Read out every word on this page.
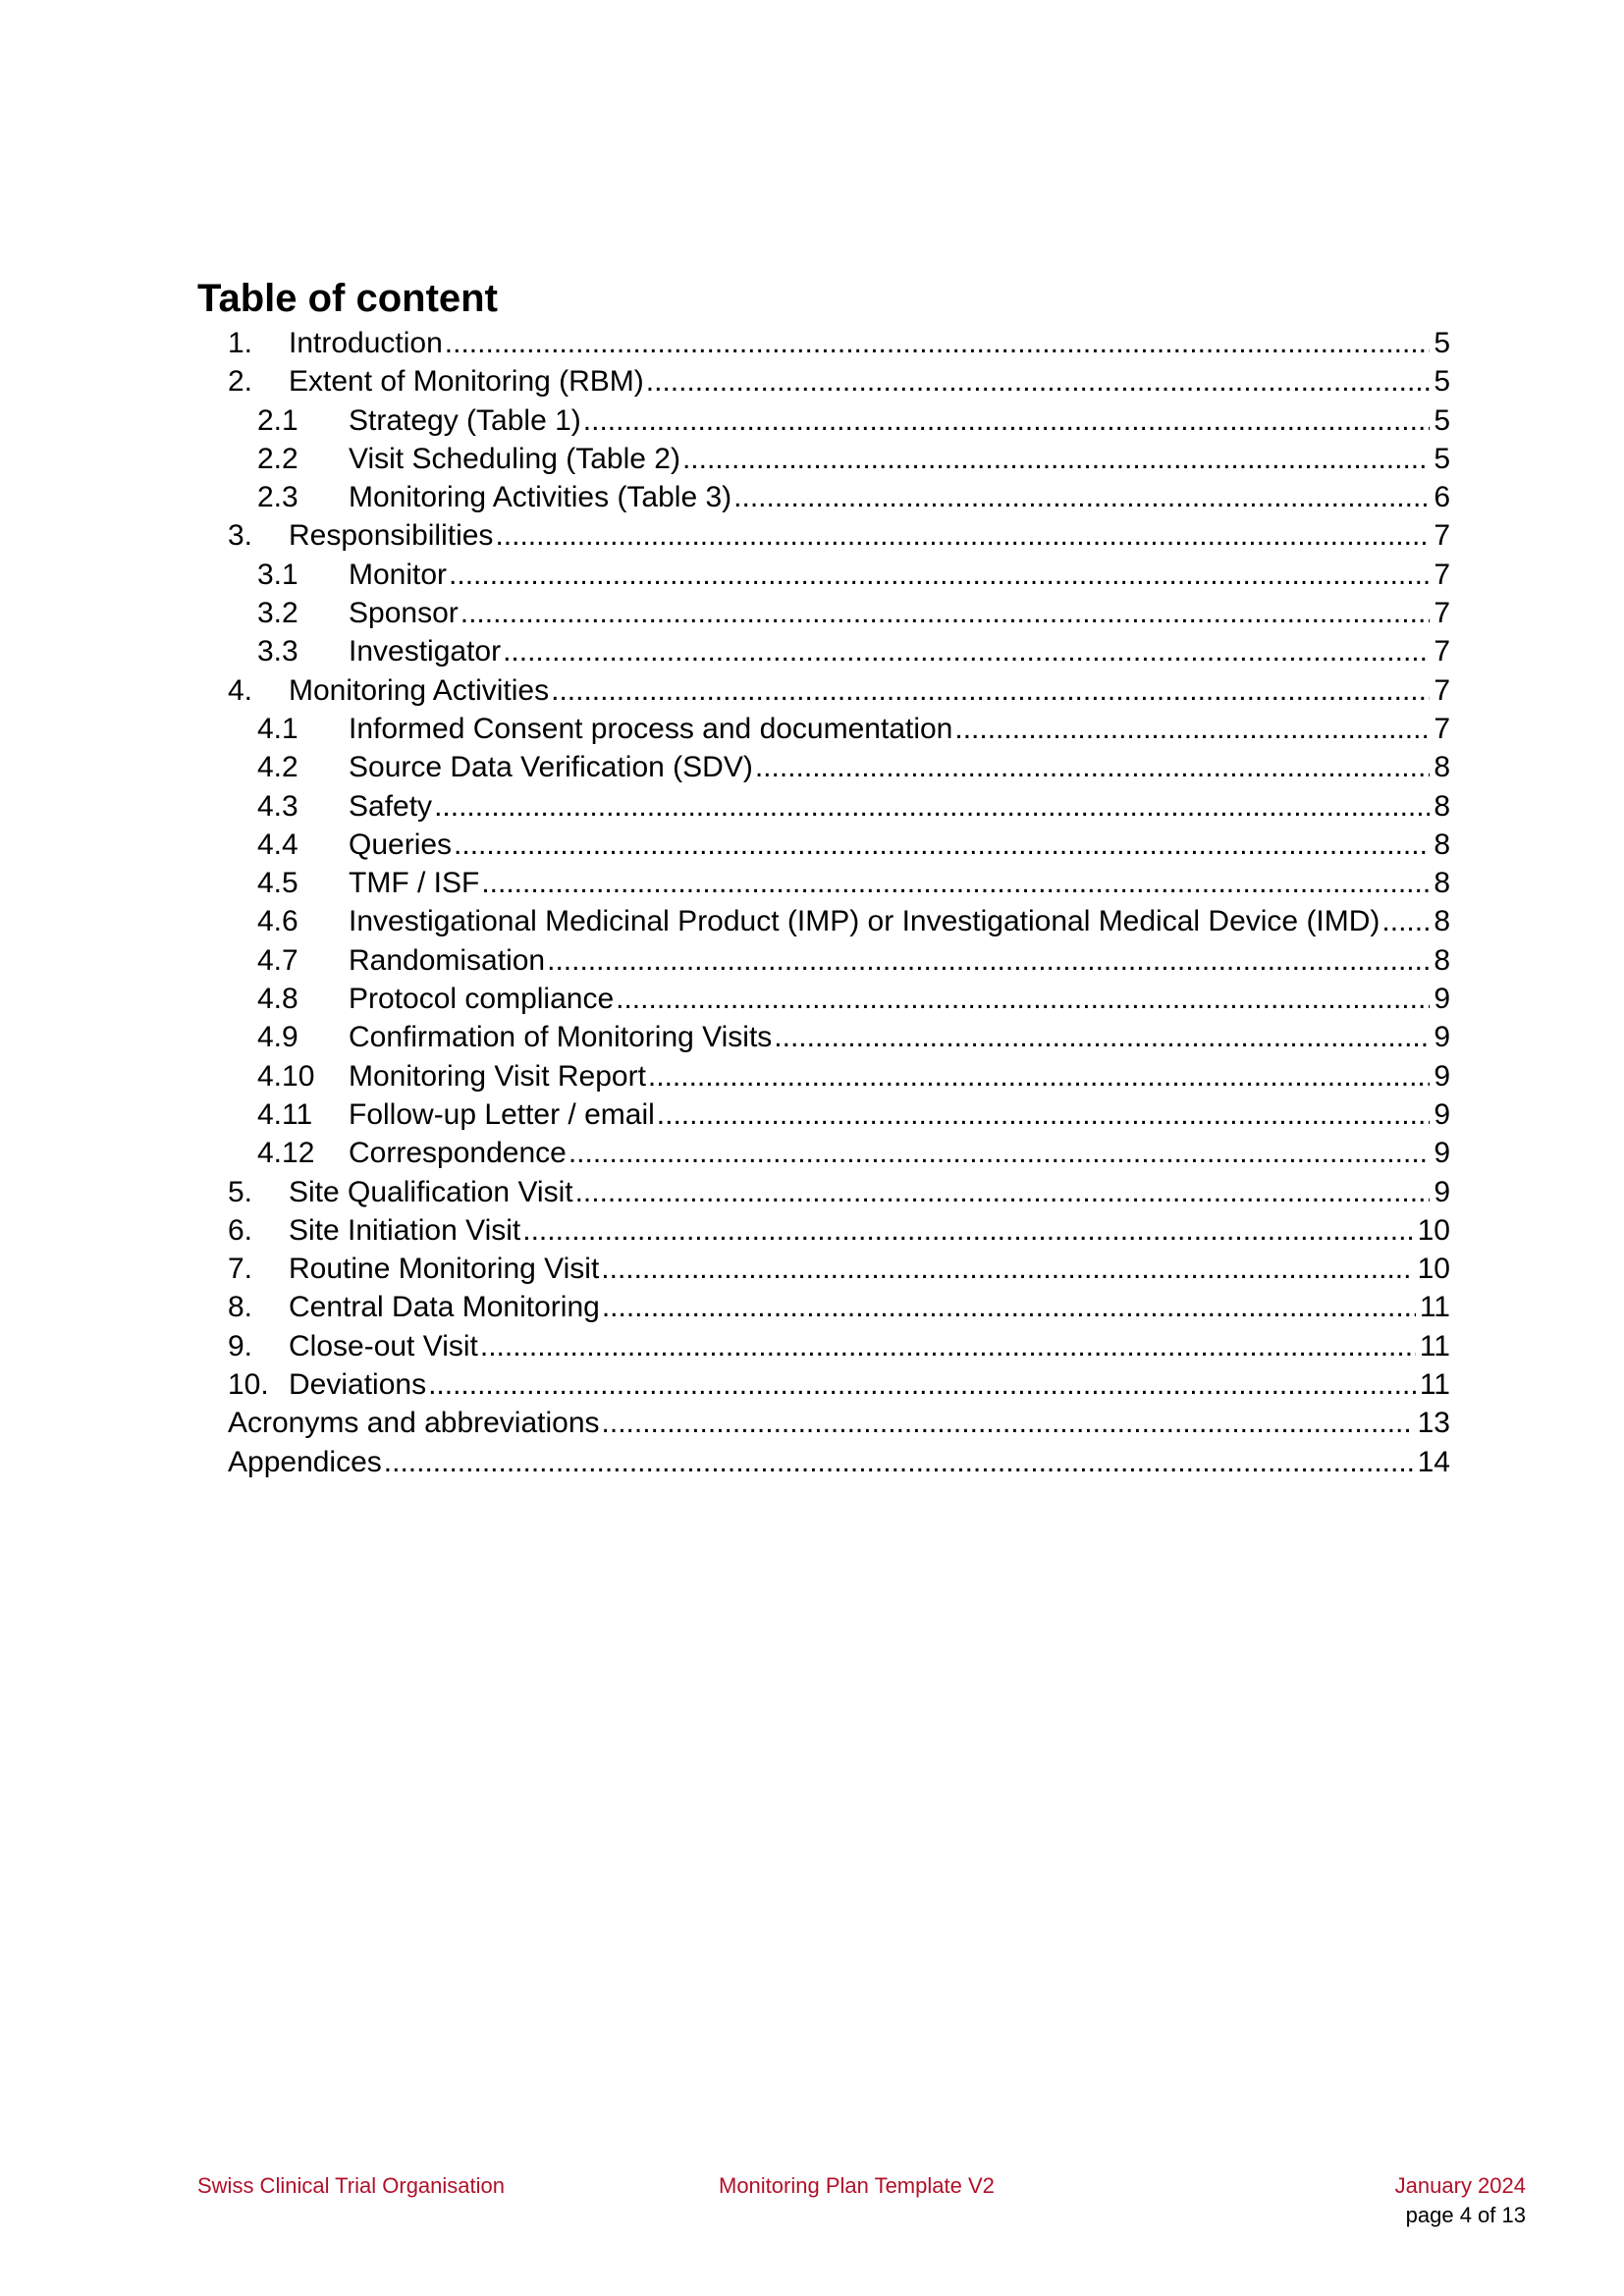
Table of content
1. Introduction .....	5
2. Extent of Monitoring (RBM) .....	5
2.1 Strategy (Table 1) .....	5
2.2 Visit Scheduling (Table 2) .....	5
2.3 Monitoring Activities (Table 3) .....	6
3. Responsibilities .....	7
3.1 Monitor .....	7
3.2 Sponsor .....	7
3.3 Investigator .....	7
4. Monitoring Activities .....	7
4.1 Informed Consent process and documentation .....	7
4.2 Source Data Verification (SDV) .....	8
4.3 Safety .....	8
4.4 Queries .....	8
4.5 TMF / ISF .....	8
4.6 Investigational Medicinal Product (IMP) or Investigational Medical Device (IMD) ..... 8
4.7 Randomisation .....	8
4.8 Protocol compliance .....	9
4.9 Confirmation of Monitoring Visits .....	9
4.10 Monitoring Visit Report .....	9
4.11 Follow-up Letter / email .....	9
4.12 Correspondence .....	9
5. Site Qualification Visit .....	9
6. Site Initiation Visit .....	10
7. Routine Monitoring Visit .....	10
8. Central Data Monitoring .....	11
9. Close-out Visit .....	11
10. Deviations .....	11
Acronyms and abbreviations .....	13
Appendices .....	14
Swiss Clinical Trial Organisation	Monitoring Plan Template V2	January 2024
page 4 of 13
